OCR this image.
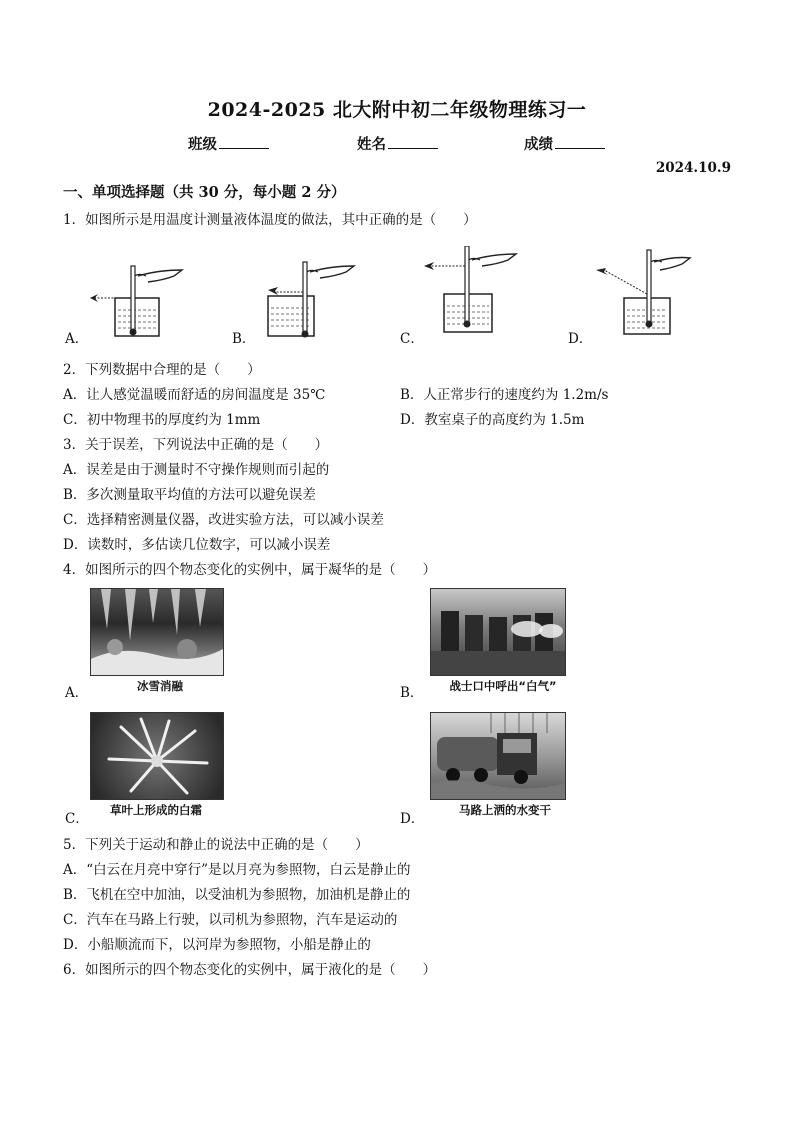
2024-2025 北大附中初二年级物理练习一
班级	姓名	成绩
2024.10.9
一、单项选择题（共 30 分，每小题 2 分）
1．如图所示是用温度计测量液体温度的做法，其中正确的是（　　）
A．	B．	C．	D．
2．下列数据中合理的是（　　）
A．让人感觉温暖而舒适的房间温度是 35℃	B．人正常步行的速度约为 1.2m/s
C．初中物理书的厚度约为 1mm	D．教室桌子的高度约为 1.5m
3．关于误差，下列说法中正确的是（　　）
A．误差是由于测量时不守操作规则而引起的
B．多次测量取平均值的方法可以避免误差
C．选择精密测量仪器，改进实验方法，可以减小误差
D．读数时，多估读几位数字，可以减小误差
4．如图所示的四个物态变化的实例中，属于凝华的是（　　）
冰雪消融	战士口中呼出“白气”
草叶上形成的白霜	马路上洒的水变干
A．	B．
C．	D．
5．下列关于运动和静止的说法中正确的是（　　）
A．“白云在月亮中穿行”是以月亮为参照物，白云是静止的
B．飞机在空中加油，以受油机为参照物，加油机是静止的
C．汽车在马路上行驶，以司机为参照物，汽车是运动的
D．小船顺流而下，以河岸为参照物，小船是静止的
6．如图所示的四个物态变化的实例中，属于液化的是（　　）
